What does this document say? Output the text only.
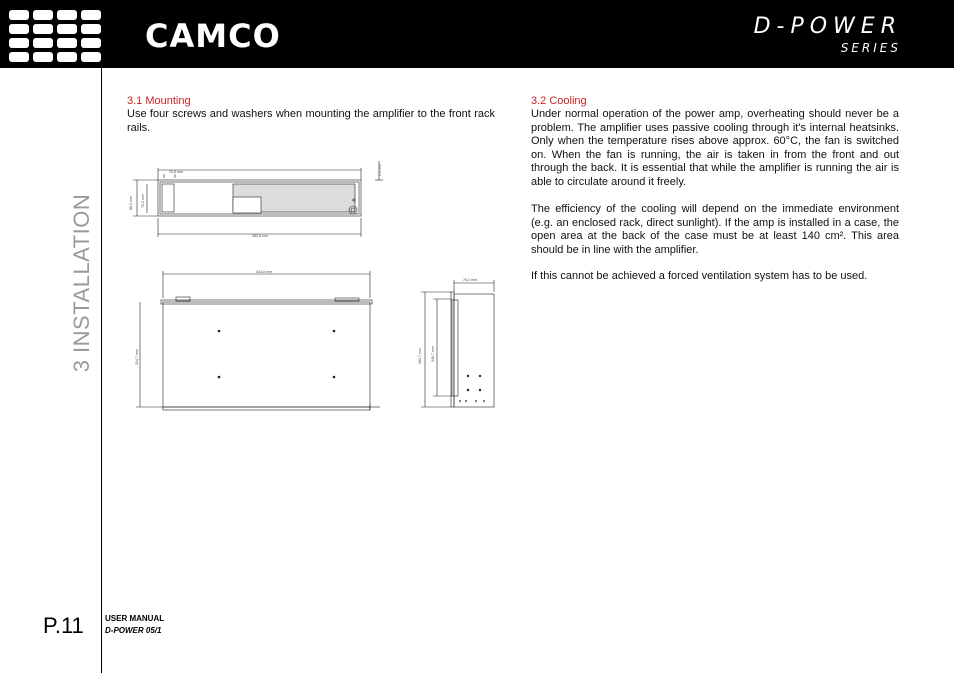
CAMCO	D-POWER
SERIES
3 INSTALLATION
3.1 Mounting
Use four screws and washers when mounting the amplifier to the front rack rails.
3.2 Cooling
Under normal operation of the power amp, overheating should never be a problem. The amplifier uses passive cooling through it's internal heatsinks. Only when the temperature rises above approx. 60°C, the fan is switched on. When the fan is running, the air is taken in from the front and out through the back. It is essential that while the amplifier is running the air is able to circulate around it freely.
The efficiency of the cooling will depend on the immediate environment (e.g. an enclosed rack, direct sunlight). If the amp is installed in a case, the open area at the back of the case must be at least 140 cm². This area should be in line with the amplifier.
If this cannot be achieved a forced ventilation system has to be used.
10,5 mm	2,5 mm
88,1 mm 76,2 mm
482,6 mm
442,8 mm
334,7 mm
76,2 mm
363,7 mm	340,7 mm
P.11	USER MANUAL
D-POWER 05/1
